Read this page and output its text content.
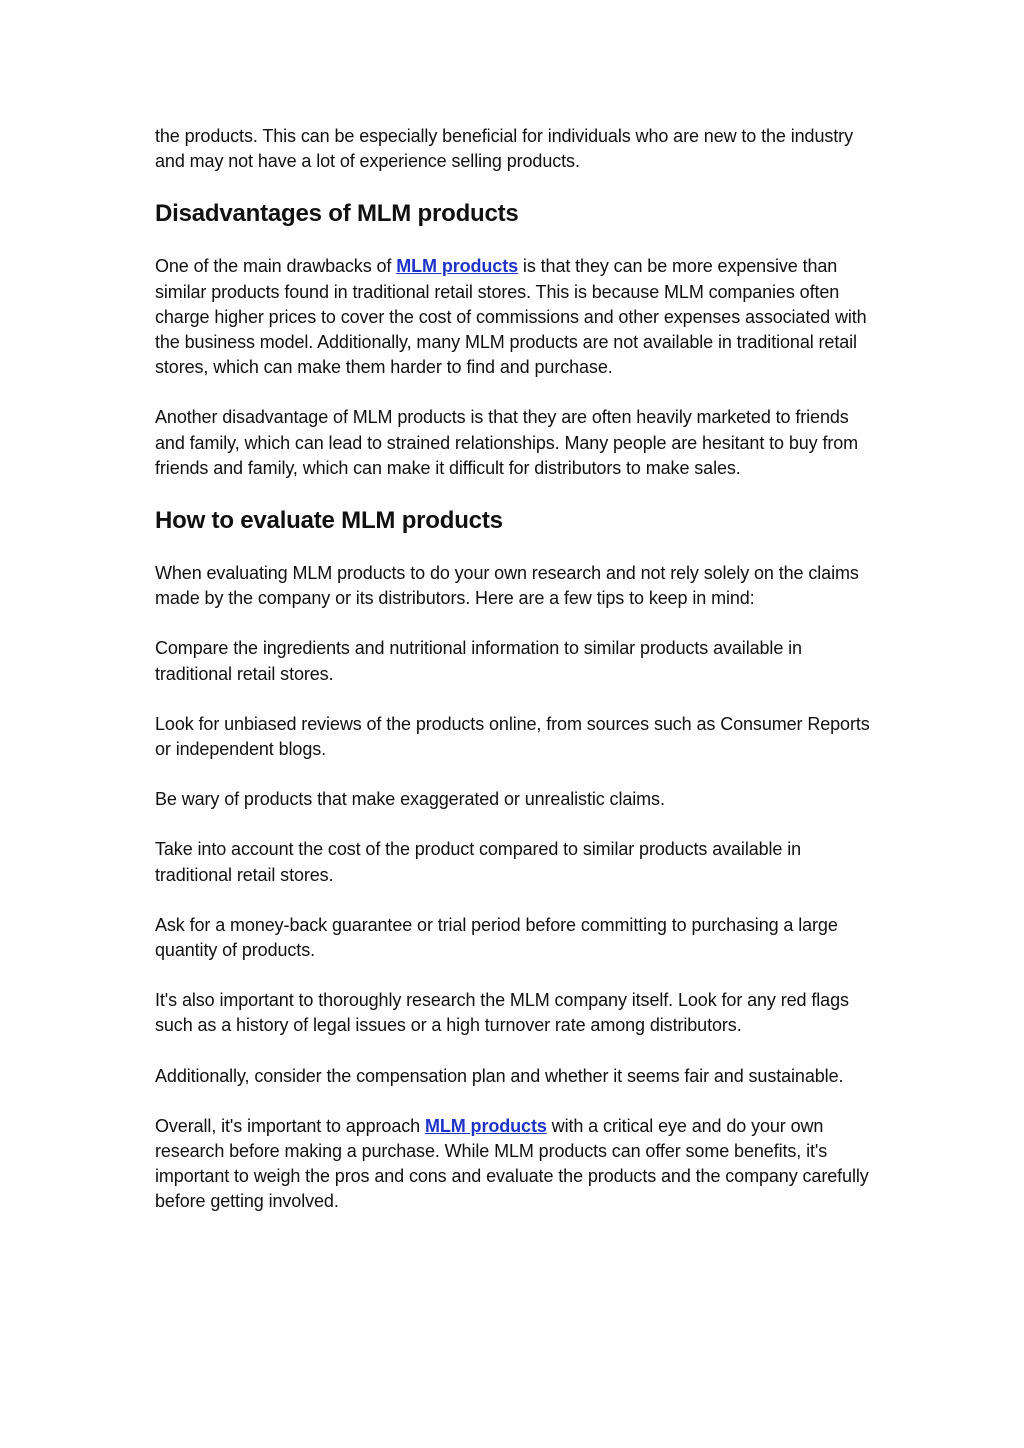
the products. This can be especially beneficial for individuals who are new to the industry and may not have a lot of experience selling products.

Disadvantages of MLM products

One of the main drawbacks of MLM products is that they can be more expensive than similar products found in traditional retail stores. This is because MLM companies often charge higher prices to cover the cost of commissions and other expenses associated with the business model. Additionally, many MLM products are not available in traditional retail stores, which can make them harder to find and purchase.

Another disadvantage of MLM products is that they are often heavily marketed to friends and family, which can lead to strained relationships. Many people are hesitant to buy from friends and family, which can make it difficult for distributors to make sales.

How to evaluate MLM products

When evaluating MLM products to do your own research and not rely solely on the claims made by the company or its distributors. Here are a few tips to keep in mind:

Compare the ingredients and nutritional information to similar products available in traditional retail stores.

Look for unbiased reviews of the products online, from sources such as Consumer Reports or independent blogs.

Be wary of products that make exaggerated or unrealistic claims.

Take into account the cost of the product compared to similar products available in traditional retail stores.

Ask for a money-back guarantee or trial period before committing to purchasing a large quantity of products.

It's also important to thoroughly research the MLM company itself. Look for any red flags such as a history of legal issues or a high turnover rate among distributors.

Additionally, consider the compensation plan and whether it seems fair and sustainable.

Overall, it's important to approach MLM products with a critical eye and do your own research before making a purchase. While MLM products can offer some benefits, it's important to weigh the pros and cons and evaluate the products and the company carefully before getting involved.
